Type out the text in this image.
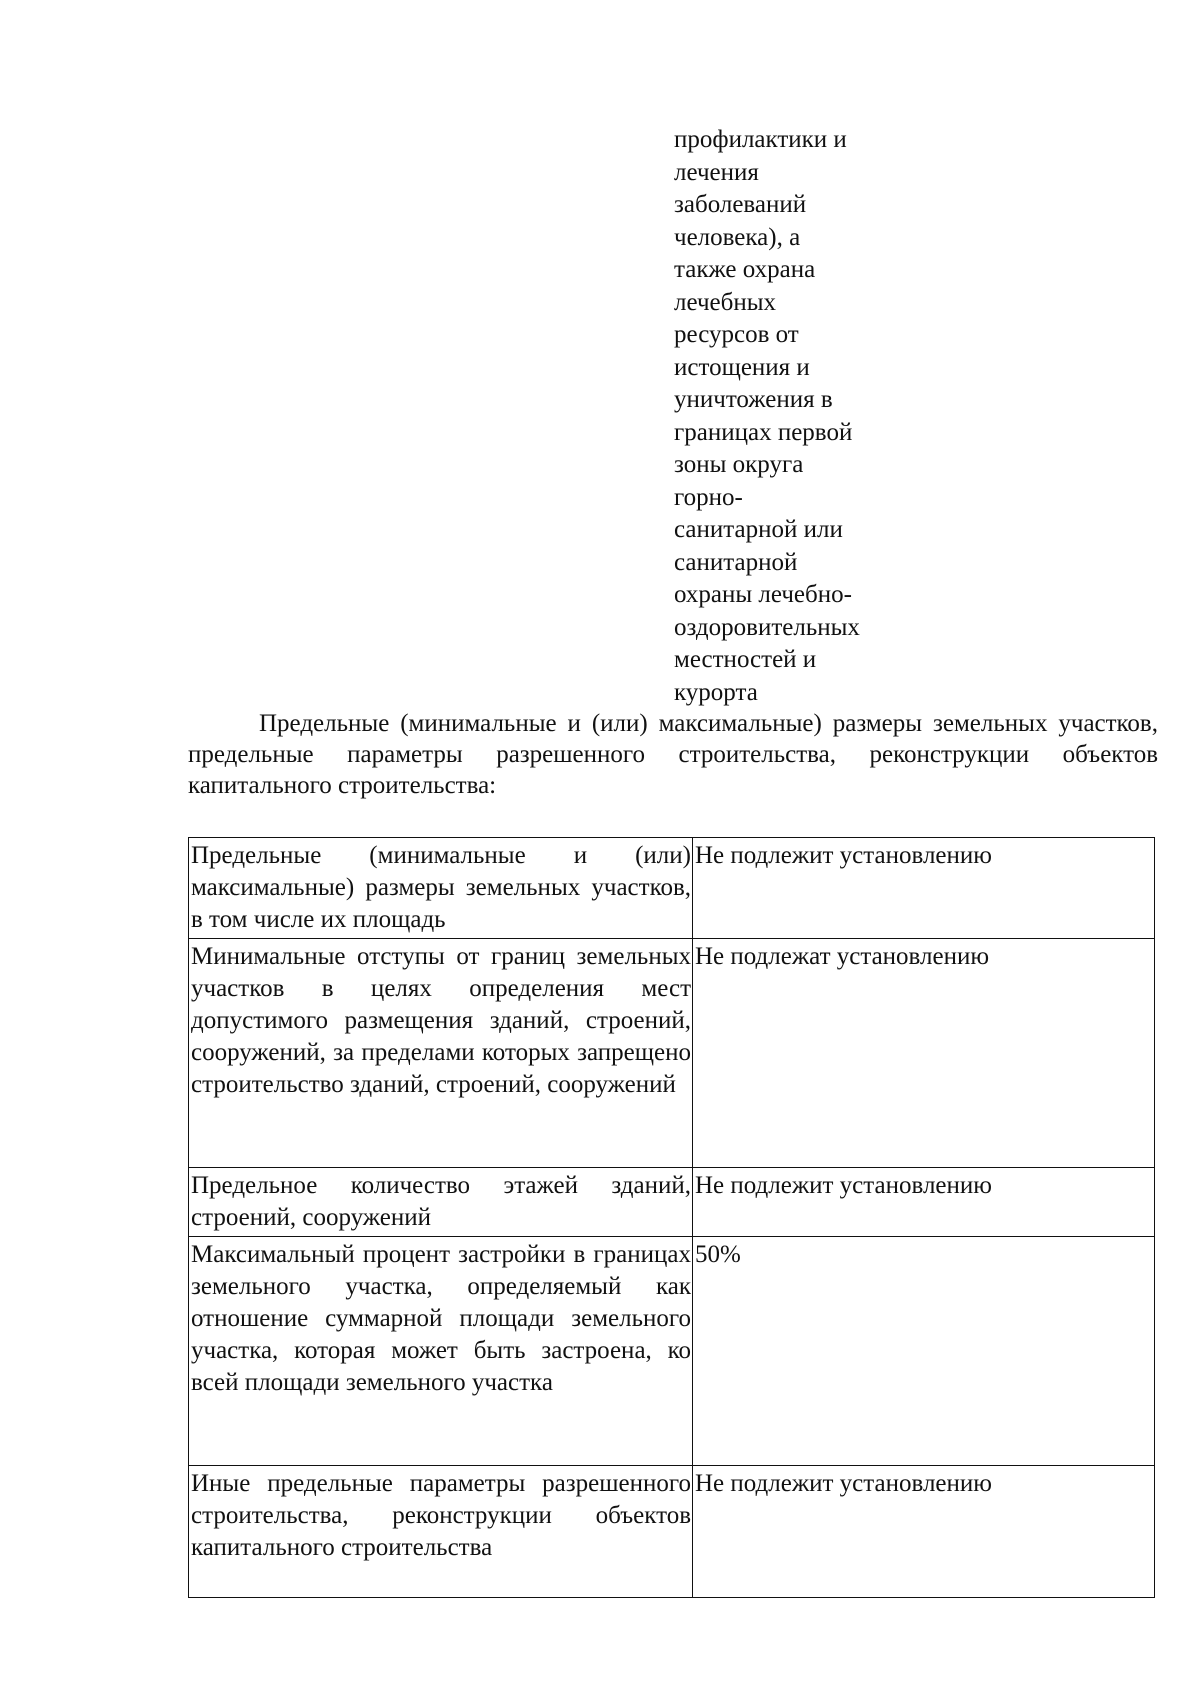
профилактики и
лечения
заболеваний
человека), а
также охрана
лечебных
ресурсов от
истощения и
уничтожения в
границах первой
зоны округа
горно-
санитарной или
санитарной
охраны лечебно-
оздоровительных
местностей и
курорта

Предельные (минимальные и (или) максимальные) размеры земельных участков, предельные параметры разрешенного строительства, реконструкции объектов капитального строительства:

Предельные (минимальные и (или) максимальные) размеры земельных участков, в том числе их площадь	Не подлежит установлению
Минимальные отступы от границ земельных участков в целях определения мест допустимого размещения зданий, строений, сооружений, за пределами которых запрещено строительство зданий, строений, сооружений	Не подлежат установлению
Предельное количество этажей зданий, строений, сооружений	Не подлежит установлению
Максимальный процент застройки в границах земельного участка, определяемый как отношение суммарной площади земельного участка, которая может быть застроена, ко всей площади земельного участка	50%
Иные предельные параметры разрешенного строительства, реконструкции объектов капитального строительства	Не подлежит установлению
